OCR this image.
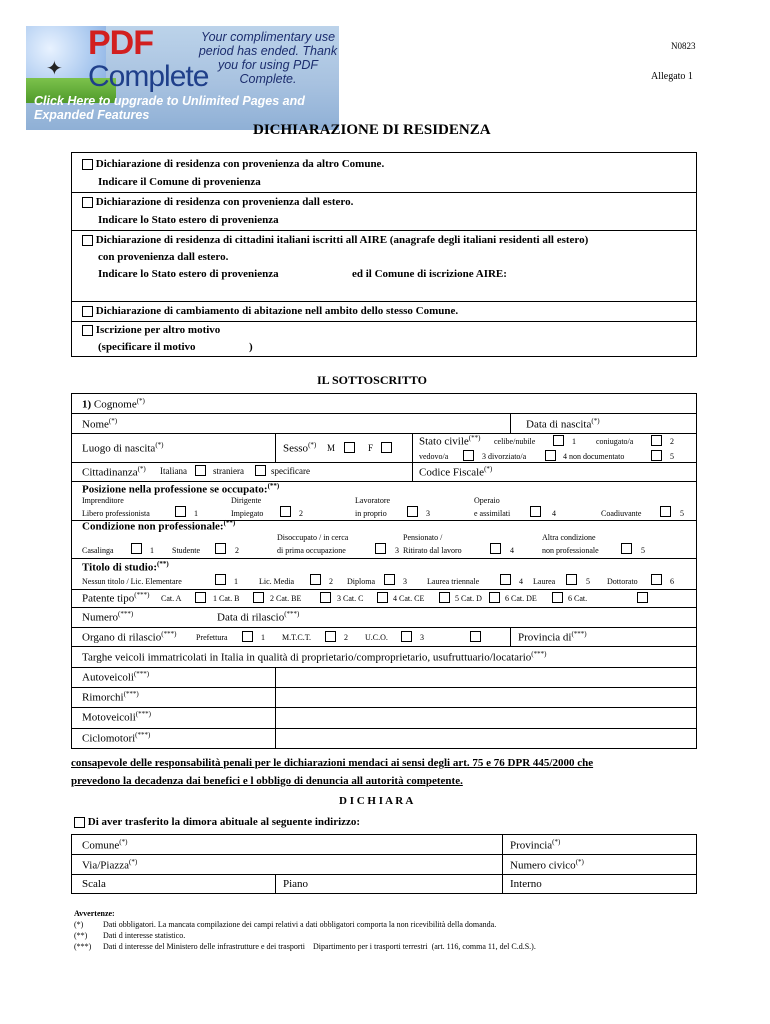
✦
PDF
Complete
Your complimentary use period has ended. Thank you for using PDF Complete.
Click Here to upgrade to Unlimited Pages and Expanded Features
N0823
Allegato 1
DICHIARAZIONE DI RESIDENZA
Dichiarazione di residenza con provenienza da altro Comune.
Indicare il Comune di provenienza
Dichiarazione di residenza con provenienza dall estero.
Indicare lo Stato estero di provenienza
Dichiarazione di residenza di cittadini italiani iscritti all AIRE (anagrafe degli italiani residenti all estero)
con provenienza dall estero.
Indicare lo Stato estero di provenienza	ed il Comune di iscrizione AIRE:
Dichiarazione di cambiamento di abitazione nell ambito dello stesso Comune.
Iscrizione per altro motivo
(specificare il motivo	)
IL SOTTOSCRITTO
1) Cognome(*)
Nome(*)	Data di nascita(*)
Luogo di nascita(*)	Sesso(*) M	F
Stato civile(**) celibe/nubile	1	coniugato/a	2
vedovo/a	3 divorziato/a	4 non documentato	5
Cittadinanza(*) Italiana	straniera	specificare	Codice Fiscale(*)
Posizione nella professione se occupato:(**)
Imprenditore
Libero professionista	1
Dirigente
Impiegato	2
Lavoratore
in proprio	3
Operaio
e assimilati	4	Coadiuvante	5
Condizione non professionale:(**)
Casalinga	1 Studente	2
Disoccupato / in cerca
di prima occupazione	3
Pensionato /
Ritirato dal lavoro	4
Altra condizione
non professionale	5
Titolo di studio:(**)
Nessun titolo / Lic. Elementare	1	Lic. Media	2 Diploma	3	Laurea triennale	4 Laurea	5 Dottorato	6
Patente tipo(***) Cat. A	1 Cat. B	2 Cat. BE	3 Cat. C	4 Cat. CE	5 Cat. D	6 Cat. DE	6 Cat.
Numero(***)	Data di rilascio(***)
Organo di rilascio(***) Prefettura	1 M.T.C.T.	2 U.C.O.	3	Provincia di(***)
Targhe veicoli immatricolati in Italia in qualità di proprietario/comproprietario, usufruttuario/locatario(***)
Autoveicoli(***)
Rimorchi(***)
Motoveicoli(***)
Ciclomotori(***)
consapevole delle responsabilità penali per le dichiarazioni mendaci ai sensi degli art. 75 e 76 DPR 445/2000 che
prevedono la decadenza dai benefici e l obbligo di denuncia all autorità competente.
D I C H I A R A
Di aver trasferito la dimora abituale al seguente indirizzo:
Comune(*)	Provincia(*)
Via/Piazza(*)	Numero civico(*)
Scala	Piano	Interno
Avvertenze:
(*) Dati obbligatori. La mancata compilazione dei campi relativi a dati obbligatori comporta la non ricevibilità della domanda.
(**) Dati d interesse statistico.
(***) Dati d interesse del Ministero delle infrastrutture e dei trasporti    Dipartimento per i trasporti terrestri  (art. 116, comma 11, del C.d.S.).
